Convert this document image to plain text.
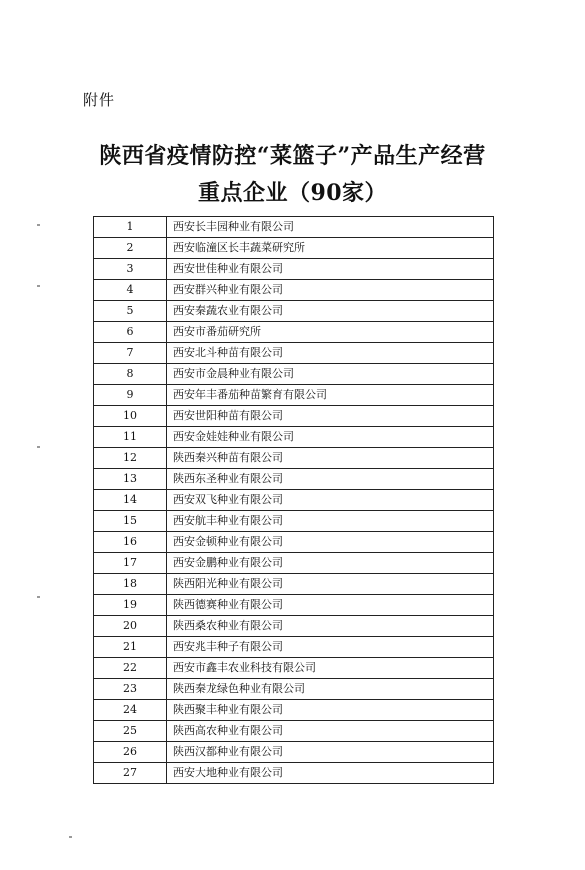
附件
陕西省疫情防控“菜篮子”产品生产经营
重点企业（90家）
1	西安长丰园种业有限公司
2	西安临潼区长丰蔬菜研究所
3	西安世佳种业有限公司
4	西安群兴种业有限公司
5	西安秦蔬农业有限公司
6	西安市番茄研究所
7	西安北斗种苗有限公司
8	西安市金晨种业有限公司
9	西安年丰番茄种苗繁育有限公司
10	西安世阳种苗有限公司
11	西安金娃娃种业有限公司
12	陕西秦兴种苗有限公司
13	陕西东圣种业有限公司
14	西安双飞种业有限公司
15	西安航丰种业有限公司
16	西安金顿种业有限公司
17	西安金鹏种业有限公司
18	陕西阳光种业有限公司
19	陕西德赛种业有限公司
20	陕西桑农种业有限公司
21	西安兆丰种子有限公司
22	西安市鑫丰农业科技有限公司
23	陕西秦龙绿色种业有限公司
24	陕西聚丰种业有限公司
25	陕西高农种业有限公司
26	陕西汉都种业有限公司
27	西安大地种业有限公司
